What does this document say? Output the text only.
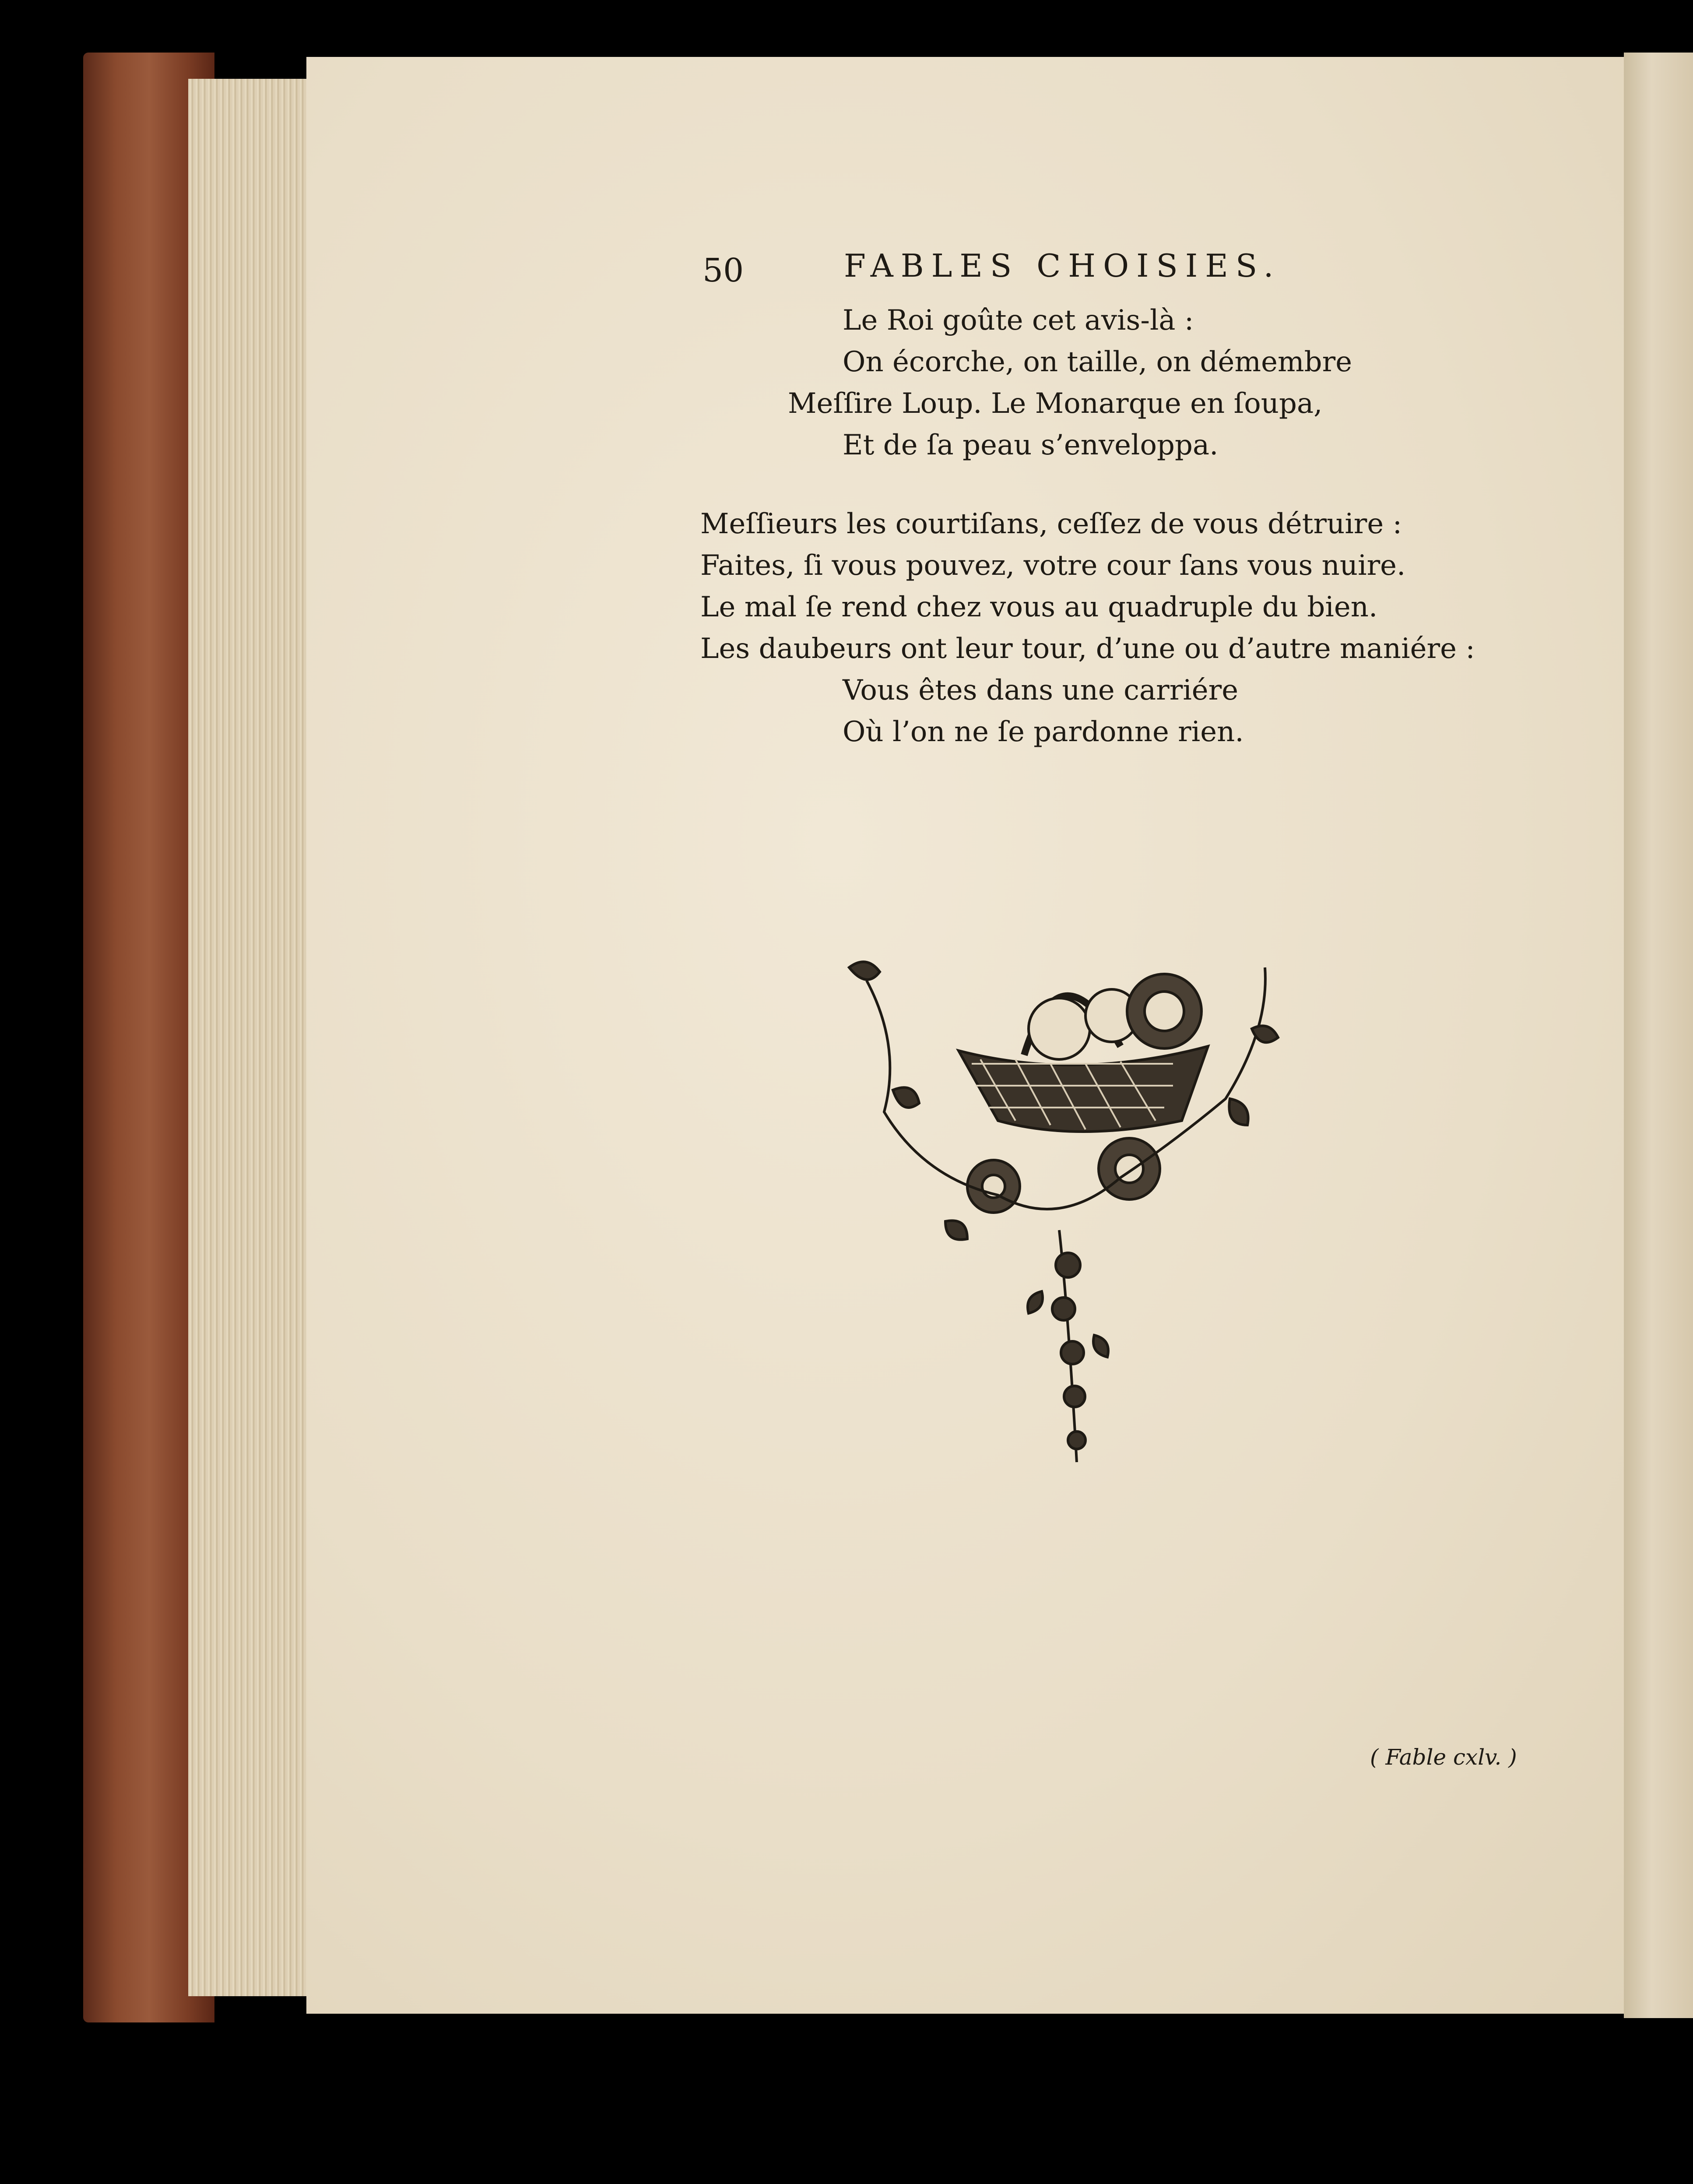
50	FABLES CHOISIES.
Le Roi goûte cet avis-là :
On écorche, on taille, on démembre
Meſſire Loup. Le Monarque en ſoupa,
Et de ſa peau s’enveloppa.
Meſſieurs les courtiſans, ceſſez de vous détruire :
Faites, ſi vous pouvez, votre cour ſans vous nuire.
Le mal ſe rend chez vous au quadruple du bien.
Les daubeurs ont leur tour, d’une ou d’autre maniére :
Vous êtes dans une carriére
Où l’on ne ſe pardonne rien.
( Fable cxlv. )
